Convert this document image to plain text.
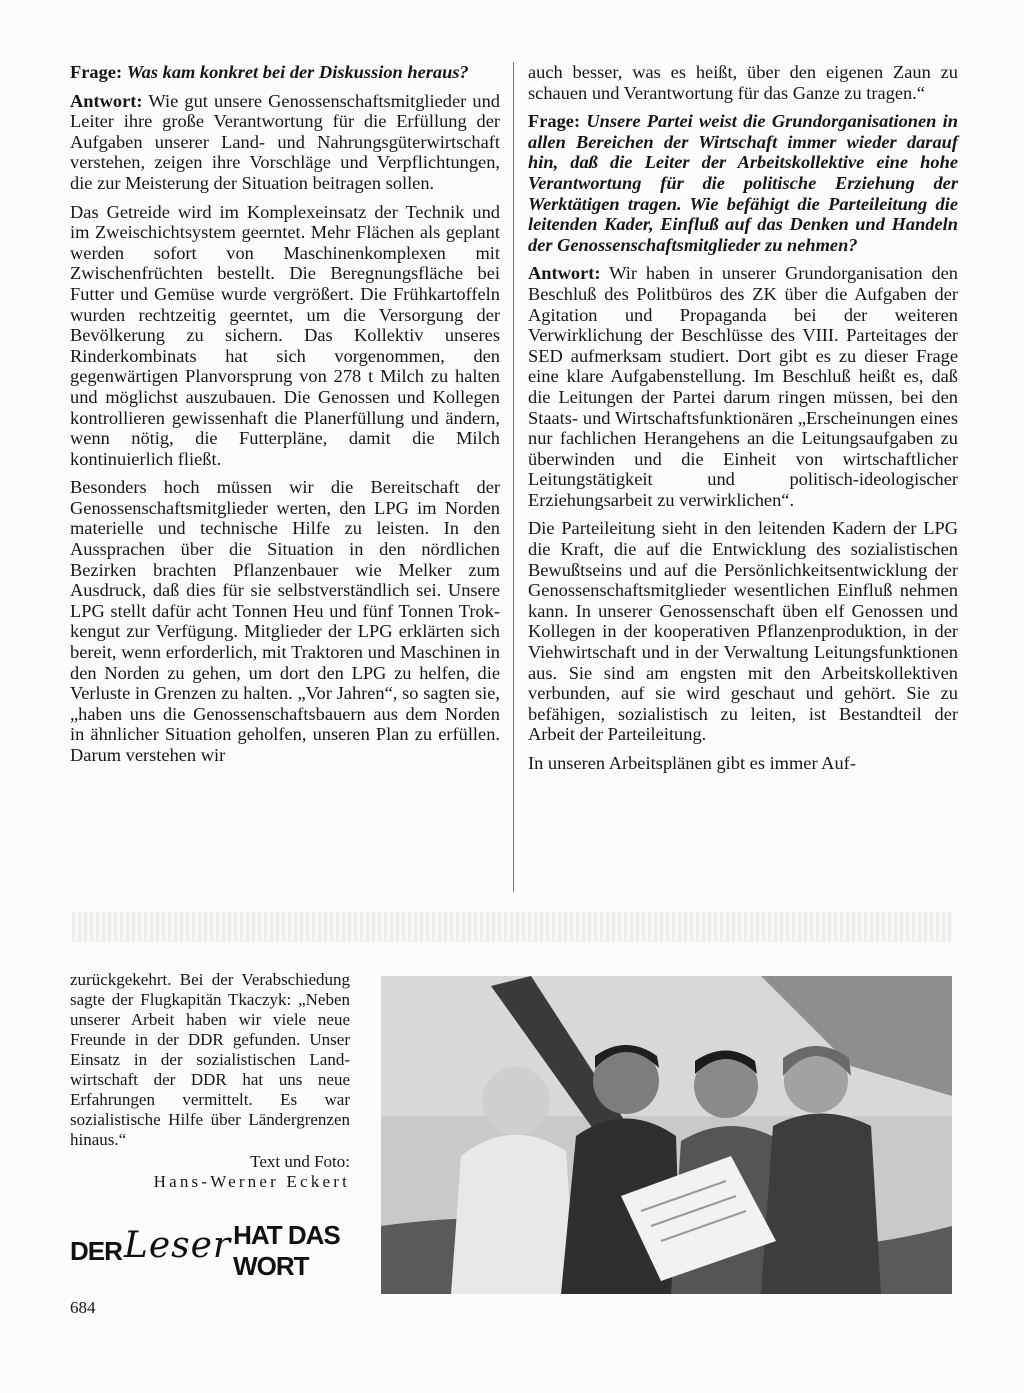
Frage: Was kam konkret bei der Diskussion heraus?

Antwort: Wie gut unsere Genossenschaftsmitglieder und Leiter ihre große Verantwortung für die Erfüllung der Aufgaben unserer Land- und Nahrungsgüterwirtschaft verstehen, zeigen ihre Vorschläge und Verpflichtungen, die zur Meisterung der Situation beitragen sollen.

Das Getreide wird im Komplexeinsatz der Technik und im Zweischichtsystem geerntet. Mehr Flächen als geplant werden sofort von Maschinenkomplexen mit Zwischenfrüchten bestellt. Die Beregnungsfläche bei Futter und Gemüse wurde vergrößert. Die Frühkartoffeln wurden rechtzeitig geerntet, um die Versorgung der Bevölkerung zu sichern. Das Kollektiv unseres Rinderkombinats hat sich vorgenommen, den gegenwärtigen Planvorsprung von 278 t Milch zu halten und möglichst auszubauen. Die Genossen und Kollegen kontrollieren gewissenhaft die Planerfüllung und ändern, wenn nötig, die Futterpläne, damit die Milch kontinuierlich fließt.

Besonders hoch müssen wir die Bereitschaft der Genossenschaftsmitglieder werten, den LPG im Norden materielle und technische Hilfe zu leisten. In den Aussprachen über die Situation in den nördlichen Bezirken brachten Pflanzenbauer wie Melker zum Ausdruck, daß dies für sie selbstverständlich sei. Unsere LPG stellt dafür acht Tonnen Heu und fünf Tonnen Trokkengut zur Verfügung. Mitglieder der LPG erklärten sich bereit, wenn erforderlich, mit Traktoren und Maschinen in den Norden zu gehen, um dort den LPG zu helfen, die Verluste in Grenzen zu halten. „Vor Jahren“, so sagten sie, „haben uns die Genossenschaftsbauern aus dem Norden in ähnlicher Situation geholfen, unseren Plan zu erfüllen. Darum verstehen wir

auch besser, was es heißt, über den eigenen Zaun zu schauen und Verantwortung für das Ganze zu tragen.“

Frage: Unsere Partei weist die Grundorganisationen in allen Bereichen der Wirtschaft immer wieder darauf hin, daß die Leiter der Arbeitskollektive eine hohe Verantwortung für die politische Erziehung der Werktätigen tragen. Wie befähigt die Parteileitung die leitenden Kader, Einfluß auf das Denken und Handeln der Genossenschaftsmitglieder zu nehmen?

Antwort: Wir haben in unserer Grundorganisation den Beschluß des Politbüros des ZK über die Aufgaben der Agitation und Propaganda bei der weiteren Verwirklichung der Beschlüsse des VIII. Parteitages der SED aufmerksam studiert. Dort gibt es zu dieser Frage eine klare Aufgabenstellung. Im Beschluß heißt es, daß die Leitungen der Partei darum ringen müssen, bei den Staats- und Wirtschaftsfunktionären „Erscheinungen eines nur fachlichen Herangehens an die Leitungsaufgaben zu überwinden und die Einheit von wirtschaftlicher Leitungstätigkeit und politisch-ideologischer Erziehungsarbeit zu verwirklichen“.

Die Parteileitung sieht in den leitenden Kadern der LPG die Kraft, die auf die Entwicklung des sozialistischen Bewußtseins und auf die Persönlichkeitsentwicklung der Genossenschaftsmitglieder wesentlichen Einfluß nehmen kann. In unserer Genossenschaft üben elf Genossen und Kollegen in der kooperativen Pflanzenproduktion, in der Viehwirtschaft und in der Verwaltung Leitungsfunktionen aus. Sie sind am engsten mit den Arbeitskollektiven verbunden, auf sie wird geschaut und gehört. Sie zu befähigen, sozialistisch zu leiten, ist Bestandteil der Arbeit der Parteileitung.

In unseren Arbeitsplänen gibt es immer Auf-

zurückgekehrt. Bei der Verabschiedung sagte der Flugkapitän Tkaczyk: „Neben unserer Arbeit haben wir viele neue Freunde in der DDR gefunden. Unser Einsatz in der sozialistischen Landwirtschaft der DDR hat uns neue Erfahrungen vermittelt. Es war sozialistische Hilfe über Ländergrenzen hinaus.“

Text und Foto:
Hans-Werner Eckert
DER Leser HAT DAS WORT
684
